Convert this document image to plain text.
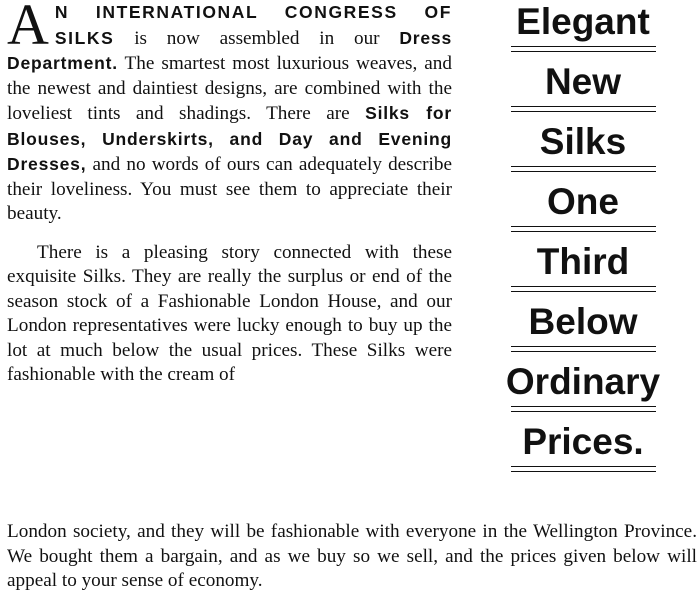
A N INTERNATIONAL CONGRESS OF SILKS is now assembled in our Dress Department. The smartest most luxurious weaves, and the newest and daintiest designs, are combined with the loveliest tints and shadings. There are Silks for Blouses, Underskirts, and Day and Evening Dresses, and no words of ours can adequately describe their loveliness. You must see them to appreciate their beauty.

There is a pleasing story connected with these exquisite Silks. They are really the surplus or end of the season stock of a Fashionable London House, and our London representatives were lucky enough to buy up the lot at much below the usual prices. These Silks were fashionable with the cream of

London society, and they will be fashionable with everyone in the Wellington Province. We bought them a bargain, and as we buy so we sell, and the prices given below will appeal to your sense of economy.

Elegant
New
Silks
One
Third
Below
Ordinary
Prices.
